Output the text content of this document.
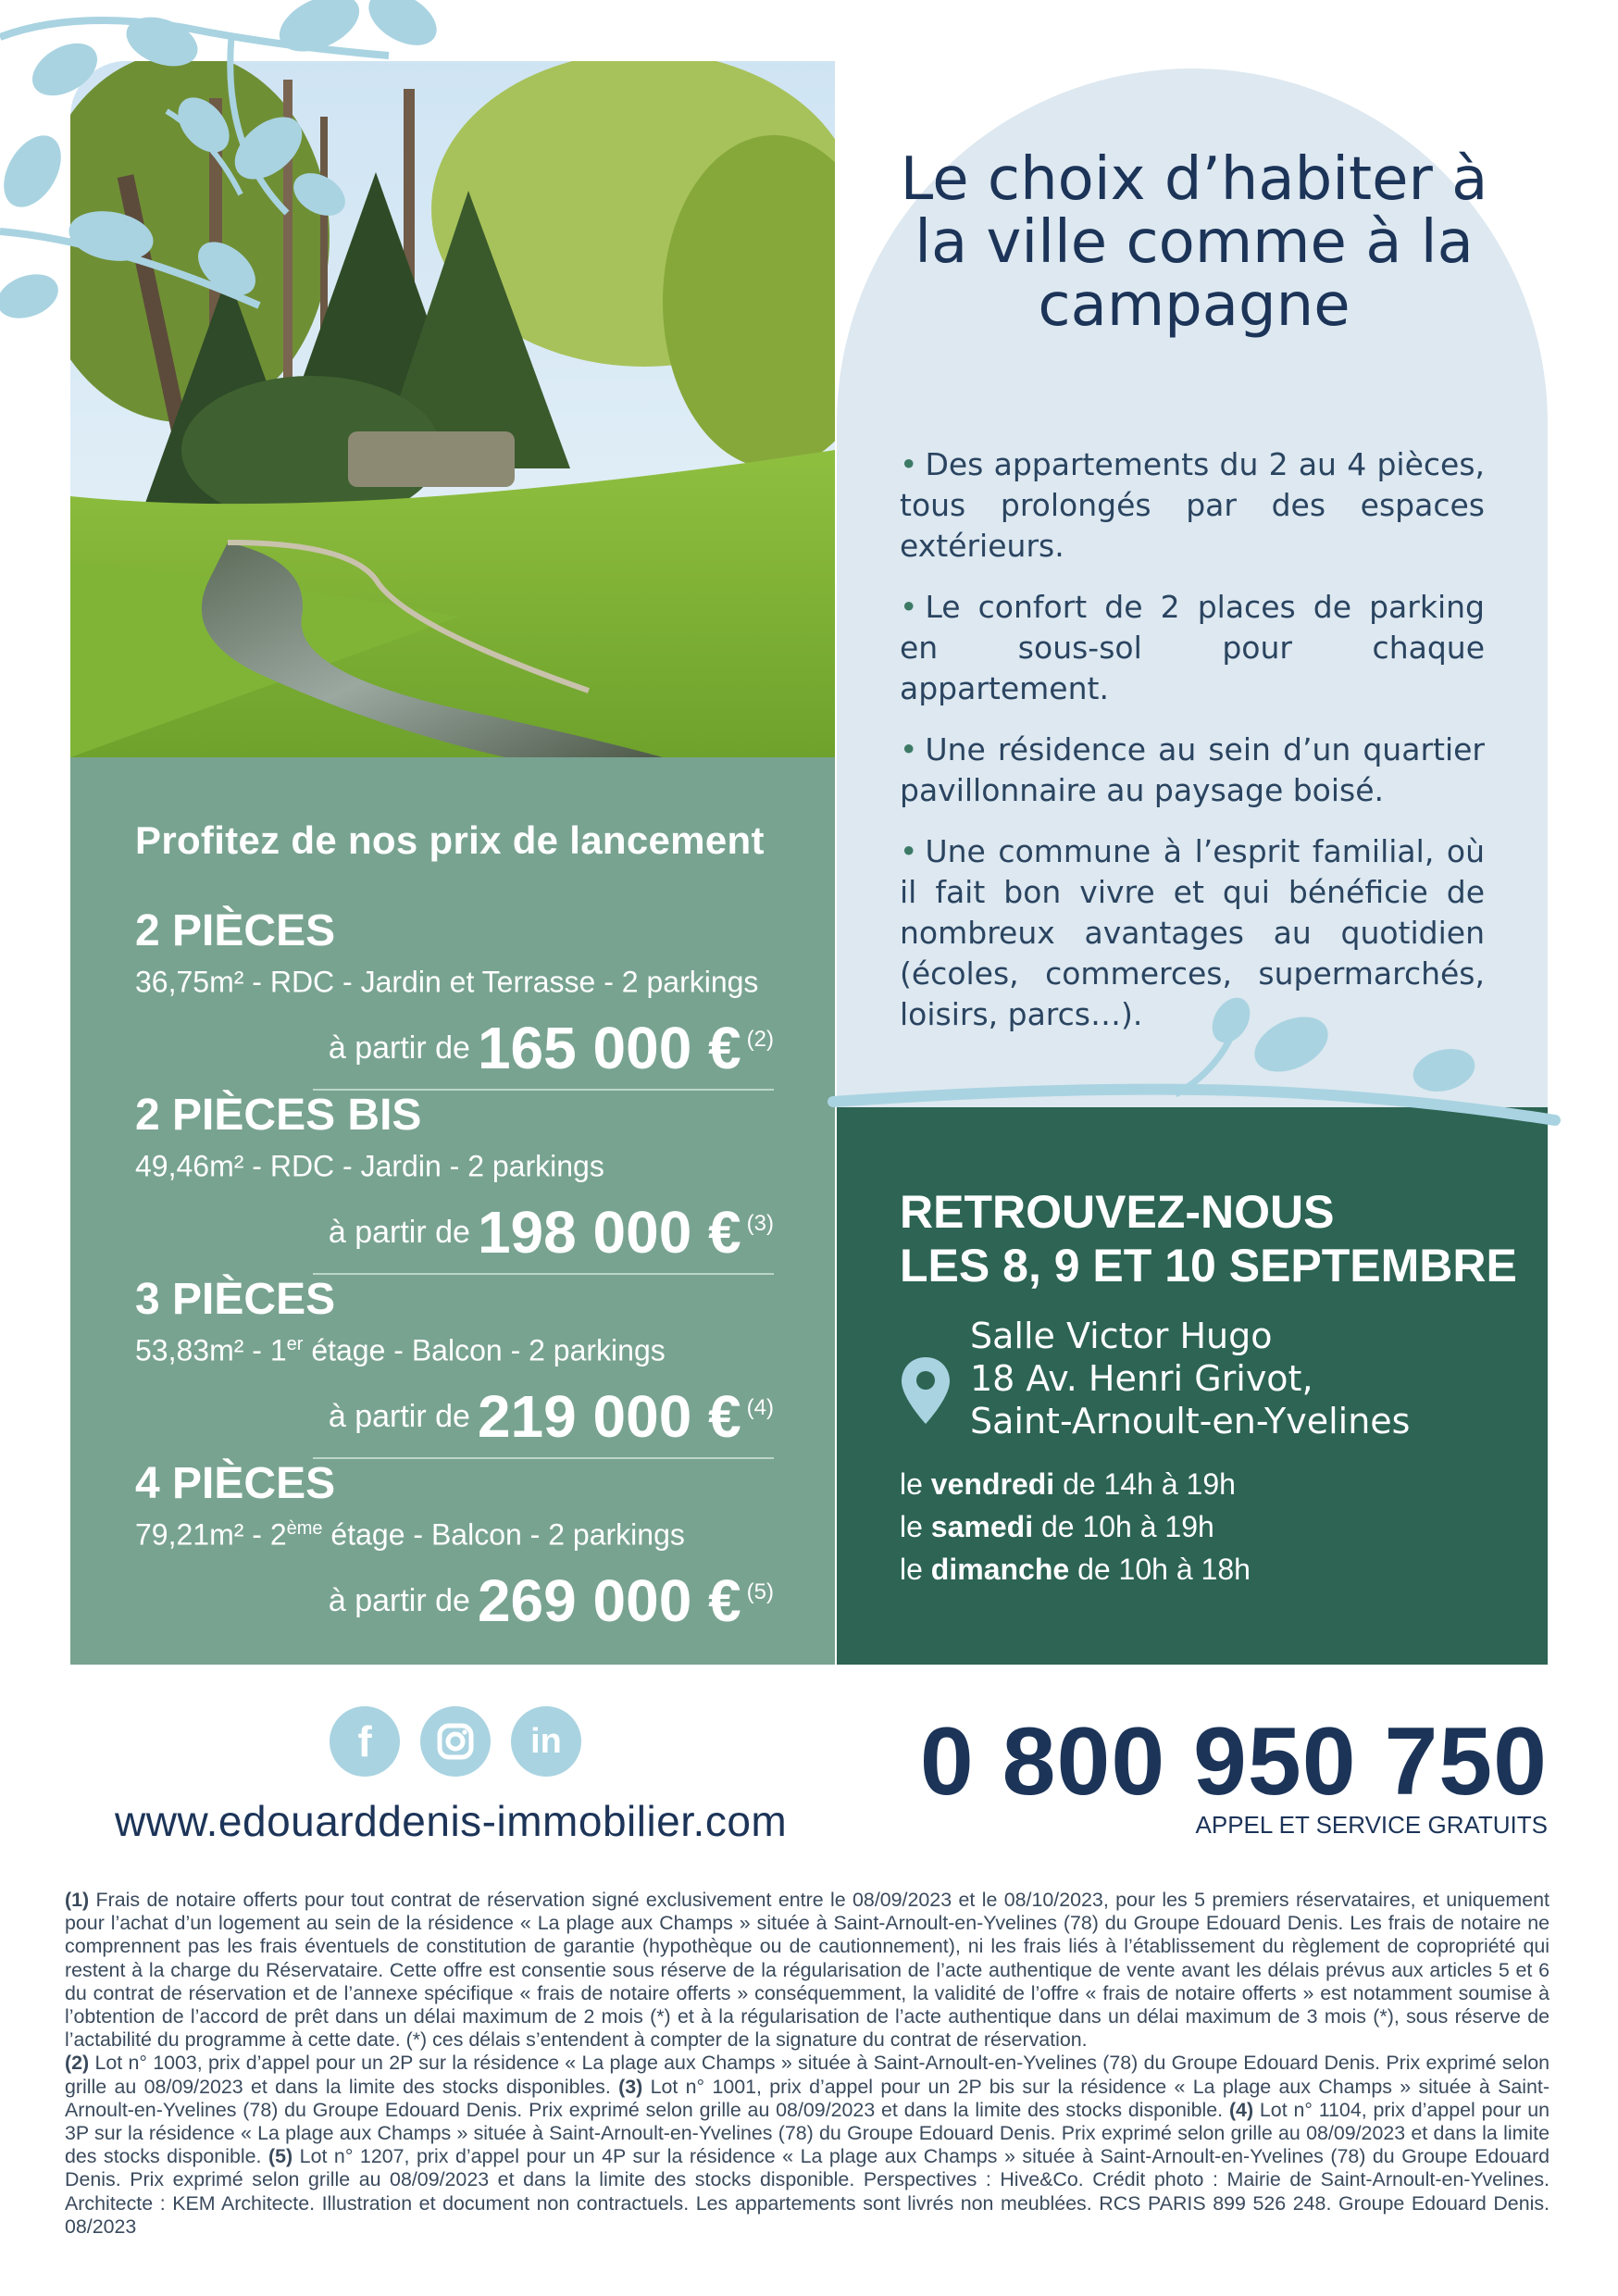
Le choix d’habiter à la ville comme à la campagne
• Des appartements du 2 au 4 pièces, tous prolongés par des espaces extérieurs.
• Le confort de 2 places de parking en sous-sol pour chaque appartement.
• Une résidence au sein d’un quartier pavillonnaire au paysage boisé.
• Une commune à l’esprit familial, où il fait bon vivre et qui bénéficie de nombreux avantages au quotidien (écoles, commerces, supermarchés, loisirs, parcs…).
Profitez de nos prix de lancement

2 PIÈCES

36,75m² - RDC - Jardin et Terrasse - 2 parkings

à partir de 165 000 € (2)

2 PIÈCES BIS

49,46m² - RDC - Jardin - 2 parkings

à partir de 198 000 € (3)

3 PIÈCES

53,83m² - 1er étage - Balcon - 2 parkings

à partir de 219 000 € (4)

4 PIÈCES

79,21m² - 2ème étage - Balcon - 2 parkings

à partir de 269 000 € (5)
RETROUVEZ-NOUS
LES 8, 9 ET 10 SEPTEMBRE
Salle Victor Hugo
18 Av. Henri Grivot,
Saint-Arnoult-en-Yvelines
le vendredi de 14h à 19h
le samedi de 10h à 19h
le dimanche de 10h à 18h
f	in
www.edouarddenis-immobilier.com
0 800 950 750
APPEL ET SERVICE GRATUITS

(1) Frais de notaire offerts pour tout contrat de réservation signé exclusivement entre le 08/09/2023 et le 08/10/2023, pour les 5 premiers réservataires, et uniquement pour l’achat d’un logement au sein de la résidence « La plage aux Champs » située à Saint-Arnoult-en-Yvelines (78) du Groupe Edouard Denis. Les frais de notaire ne comprennent pas les frais éventuels de constitution de garantie (hypothèque ou de cautionnement), ni les frais liés à l’établissement du règlement de copropriété qui restent à la charge du Réservataire. Cette offre est consentie sous réserve de la régularisation de l’acte authentique de vente avant les délais prévus aux articles 5 et 6 du contrat de réservation et de l’annexe spécifique « frais de notaire offerts » conséquemment, la validité de l’offre « frais de notaire offerts » est notamment soumise à l’obtention de l’accord de prêt dans un délai maximum de 2 mois (*) et à la régularisation de l’acte authentique dans un délai maximum de 3 mois (*), sous réserve de l’actabilité du programme à cette date. (*) ces délais s’entendent à compter de la signature du contrat de réservation.
(2) Lot n° 1003, prix d’appel pour un 2P sur la résidence « La plage aux Champs » située à Saint-Arnoult-en-Yvelines (78) du Groupe Edouard Denis. Prix exprimé selon grille au 08/09/2023 et dans la limite des stocks disponibles. (3) Lot n° 1001, prix d’appel pour un 2P bis sur la résidence « La plage aux Champs » située à Saint-Arnoult-en-Yvelines (78) du Groupe Edouard Denis. Prix exprimé selon grille au 08/09/2023 et dans la limite des stocks disponible. (4) Lot n° 1104, prix d’appel pour un 3P sur la résidence « La plage aux Champs » située à Saint-Arnoult-en-Yvelines (78) du Groupe Edouard Denis. Prix exprimé selon grille au 08/09/2023 et dans la limite des stocks disponible. (5) Lot n° 1207, prix d’appel pour un 4P sur la résidence « La plage aux Champs » située à Saint-Arnoult-en-Yvelines (78) du Groupe Edouard Denis. Prix exprimé selon grille au 08/09/2023 et dans la limite des stocks disponible. Perspectives : Hive&Co. Crédit photo : Mairie de Saint-Arnoult-en-Yvelines. Architecte : KEM Architecte. Illustration et document non contractuels. Les appartements sont livrés non meublées. RCS PARIS 899 526 248. Groupe Edouard Denis. 08/2023
